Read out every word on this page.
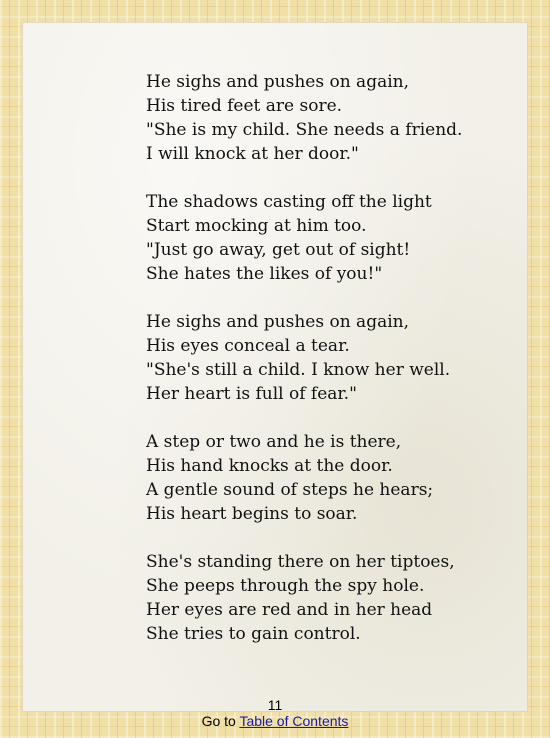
He sighs and pushes on again,
His tired feet are sore.
"She is my child. She needs a friend.
I will knock at her door."
The shadows casting off the light
Start mocking at him too.
"Just go away, get out of sight!
She hates the likes of you!"
He sighs and pushes on again,
His eyes conceal a tear.
"She's still a child. I know her well.
Her heart is full of fear."
A step or two and he is there,
His hand knocks at the door.
A gentle sound of steps he hears;
His heart begins to soar.
She's standing there on her tiptoes,
She peeps through the spy hole.
Her eyes are red and in her head
She tries to gain control.
11
Go to Table of Contents
